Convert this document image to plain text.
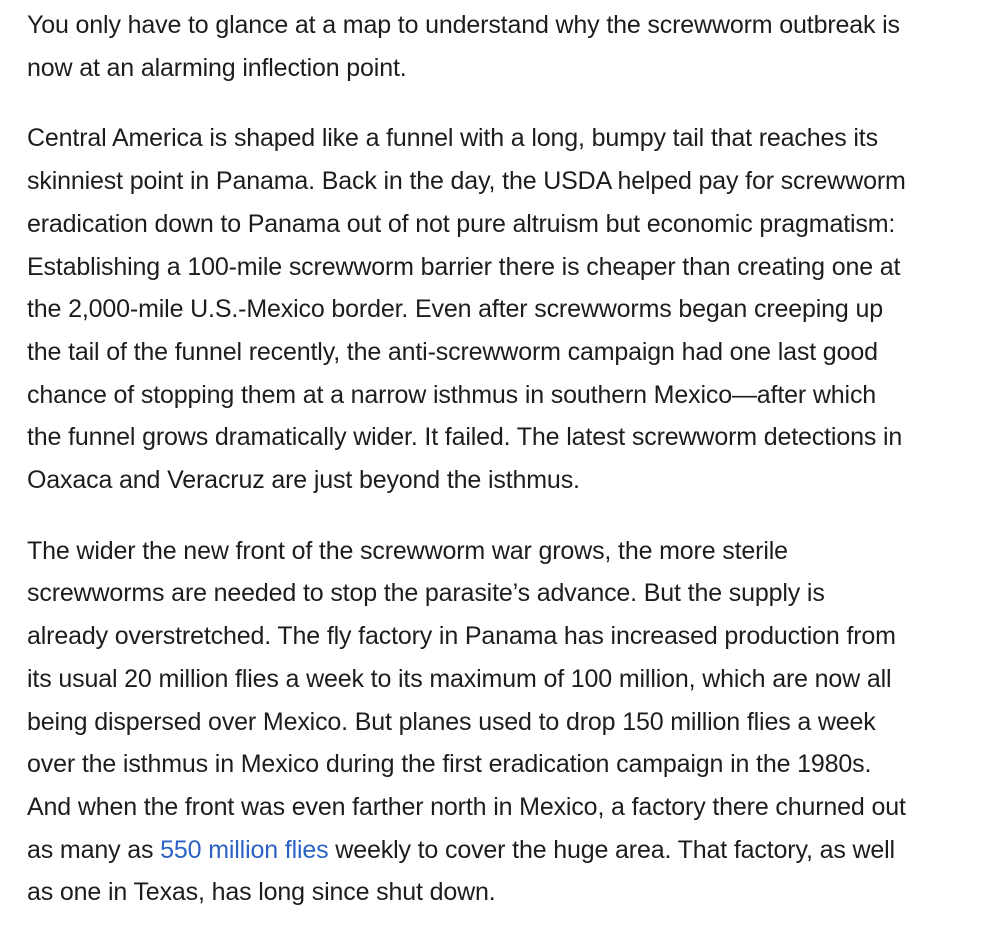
You only have to glance at a map to understand why the screwworm outbreak is
now at an alarming inflection point.

Central America is shaped like a funnel with a long, bumpy tail that reaches its
skinniest point in Panama. Back in the day, the USDA helped pay for screwworm
eradication down to Panama out of not pure altruism but economic pragmatism:
Establishing a 100-mile screwworm barrier there is cheaper than creating one at
the 2,000-mile U.S.-Mexico border. Even after screwworms began creeping up
the tail of the funnel recently, the anti-screwworm campaign had one last good
chance of stopping them at a narrow isthmus in southern Mexico—after which
the funnel grows dramatically wider. It failed. The latest screwworm detections in
Oaxaca and Veracruz are just beyond the isthmus.

The wider the new front of the screwworm war grows, the more sterile
screwworms are needed to stop the parasite’s advance. But the supply is
already overstretched. The fly factory in Panama has increased production from
its usual 20 million flies a week to its maximum of 100 million, which are now all
being dispersed over Mexico. But planes used to drop 150 million flies a week
over the isthmus in Mexico during the first eradication campaign in the 1980s.
And when the front was even farther north in Mexico, a factory there churned out
as many as 550 million flies weekly to cover the huge area. That factory, as well
as one in Texas, has long since shut down.
